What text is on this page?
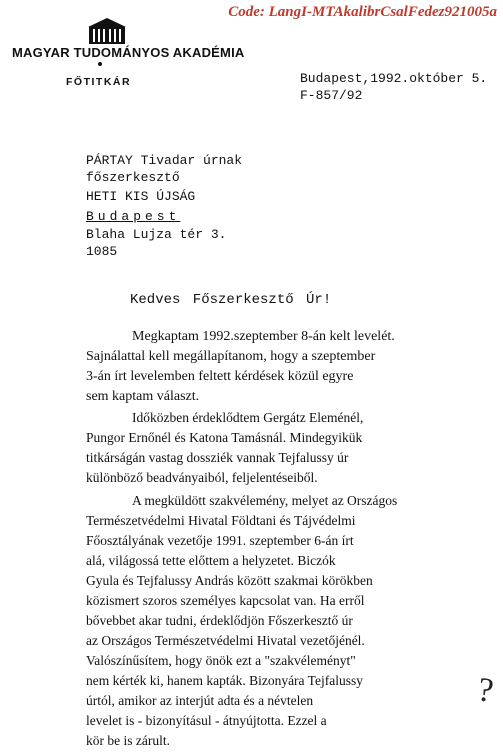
Code: LangI-MTAkalibrCsalFedez921005a
MAGYAR TUDOMÁNYOS AKADÉMIA
FŐTITKÁR	Budapest,1992.október 5.
F-857/92
PÁRTAY Tivadar úrnak
főszerkesztő
HETI KIS ÚJSÁG
Budapest
Blaha Lujza tér 3.
1085
Kedves Főszerkesztő Úr!
Megkaptam 1992.szeptember 8-án kelt levelét.
Sajnálattal kell megállapítanom, hogy a szeptember
3-án írt levelemben feltett kérdések közül egyre
sem kaptam választ.
Időközben érdeklődtem Gergátz Eleménél,
Pungor Ernőnél és Katona Tamásnál. Mindegyikük
titkárságán vastag dossziék vannak Tejfalussy úr
különböző beadványaiból, feljelentéseiből.
A megküldött szakvélemény, melyet az Országos
Természetvédelmi Hivatal Földtani és Tájvédelmi
Főosztályának vezetője 1991. szeptember 6-án írt
alá, világossá tette előttem a helyzetet. Biczók
Gyula és Tejfalussy András között szakmai körökben
közismert szoros személyes kapcsolat van. Ha erről
bővebbet akar tudni, érdeklődjön Főszerkesztő úr
az Országos Természetvédelmi Hivatal vezetőjénél.
Valószínűsítem, hogy önök ezt a "szakvéleményt"
nem kérték ki, hanem kapták. Bizonyára Tejfalussy
úrtól, amikor az interjút adta és a névtelen
levelet is - bizonyításul - átnyújtotta. Ezzel a
kör be is zárult.
?
